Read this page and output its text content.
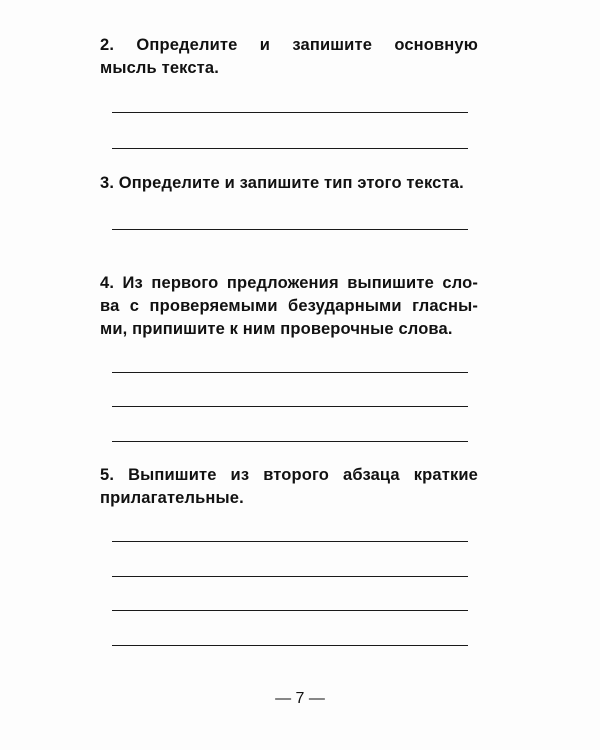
2. Определите и запишите основную
мысль текста.
3. Определите и запишите тип этого текста.
4. Из первого предложения выпишите сло-
ва с проверяемыми безударными гласны-
ми, припишите к ним проверочные слова.
5. Выпишите из второго абзаца краткие
прилагательные.
— 7 —
